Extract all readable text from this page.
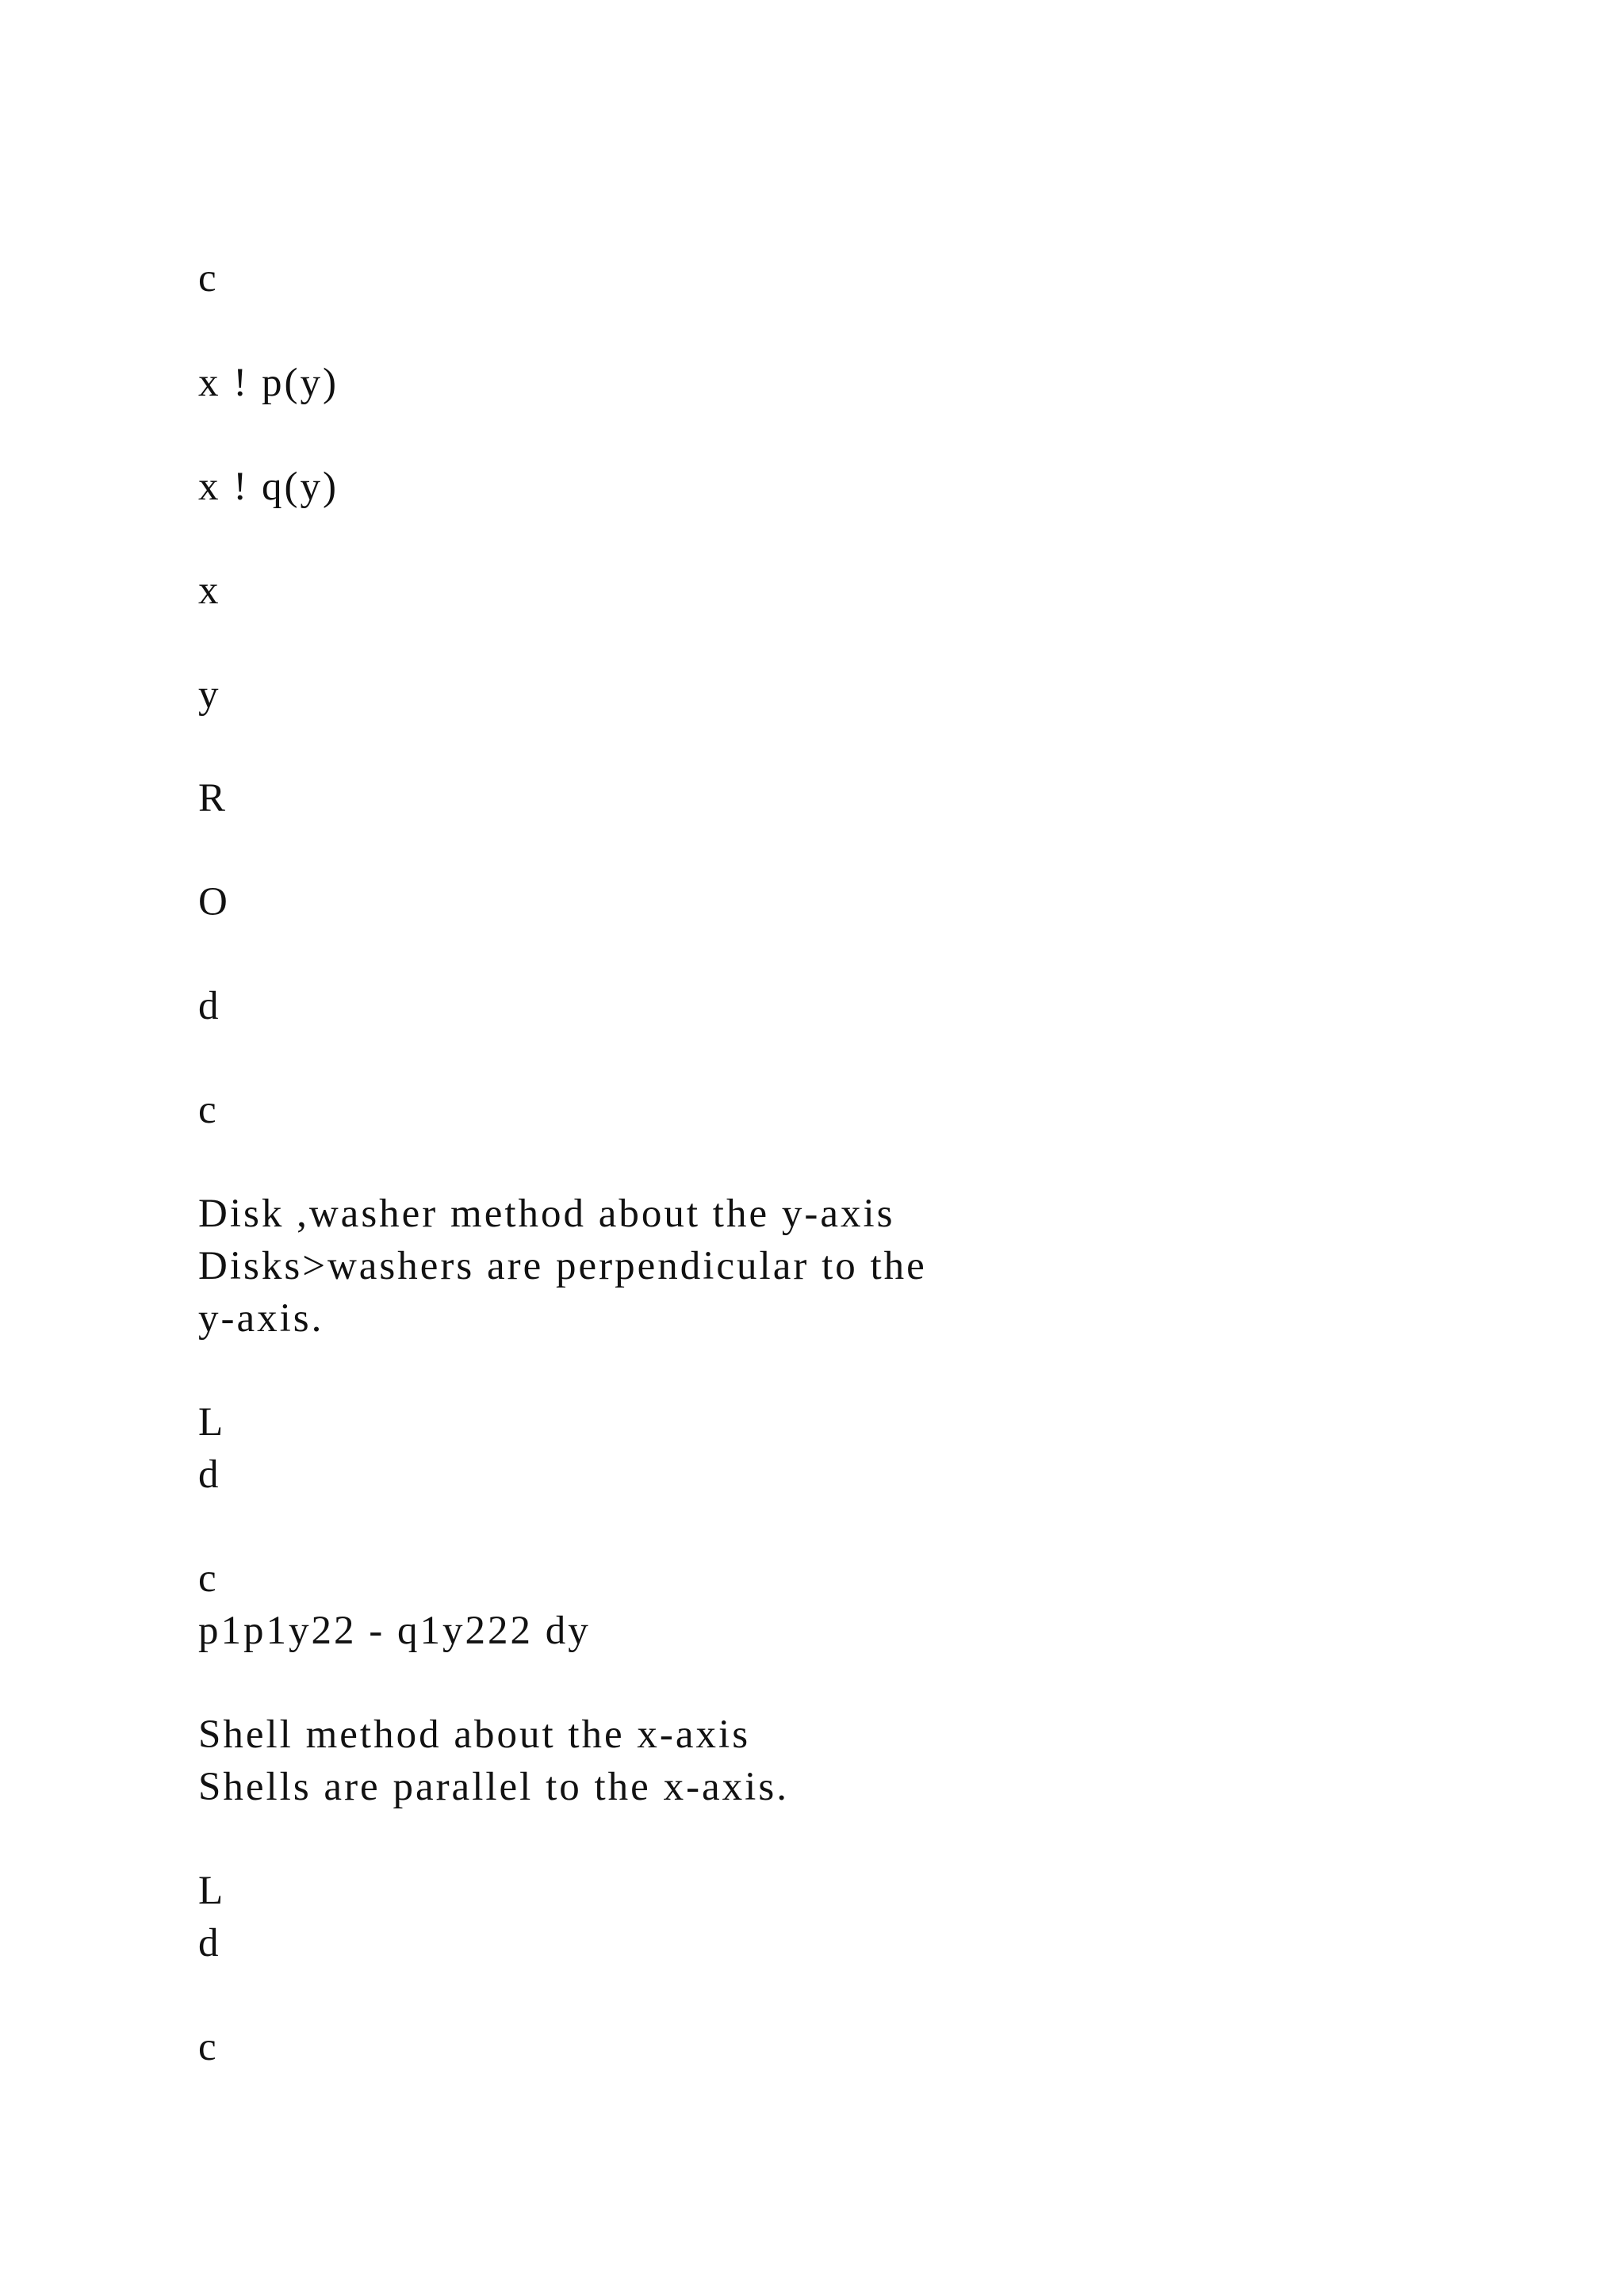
c

x ! p(y)

x ! q(y)

x

y

R

O

d

c

Disk ,washer method about the y-axis

Disks>washers are perpendicular to the

y-axis.

L

d

c

p1p1y22 - q1y222 dy

Shell method about the x-axis

Shells are parallel to the x-axis.

L

d

c
